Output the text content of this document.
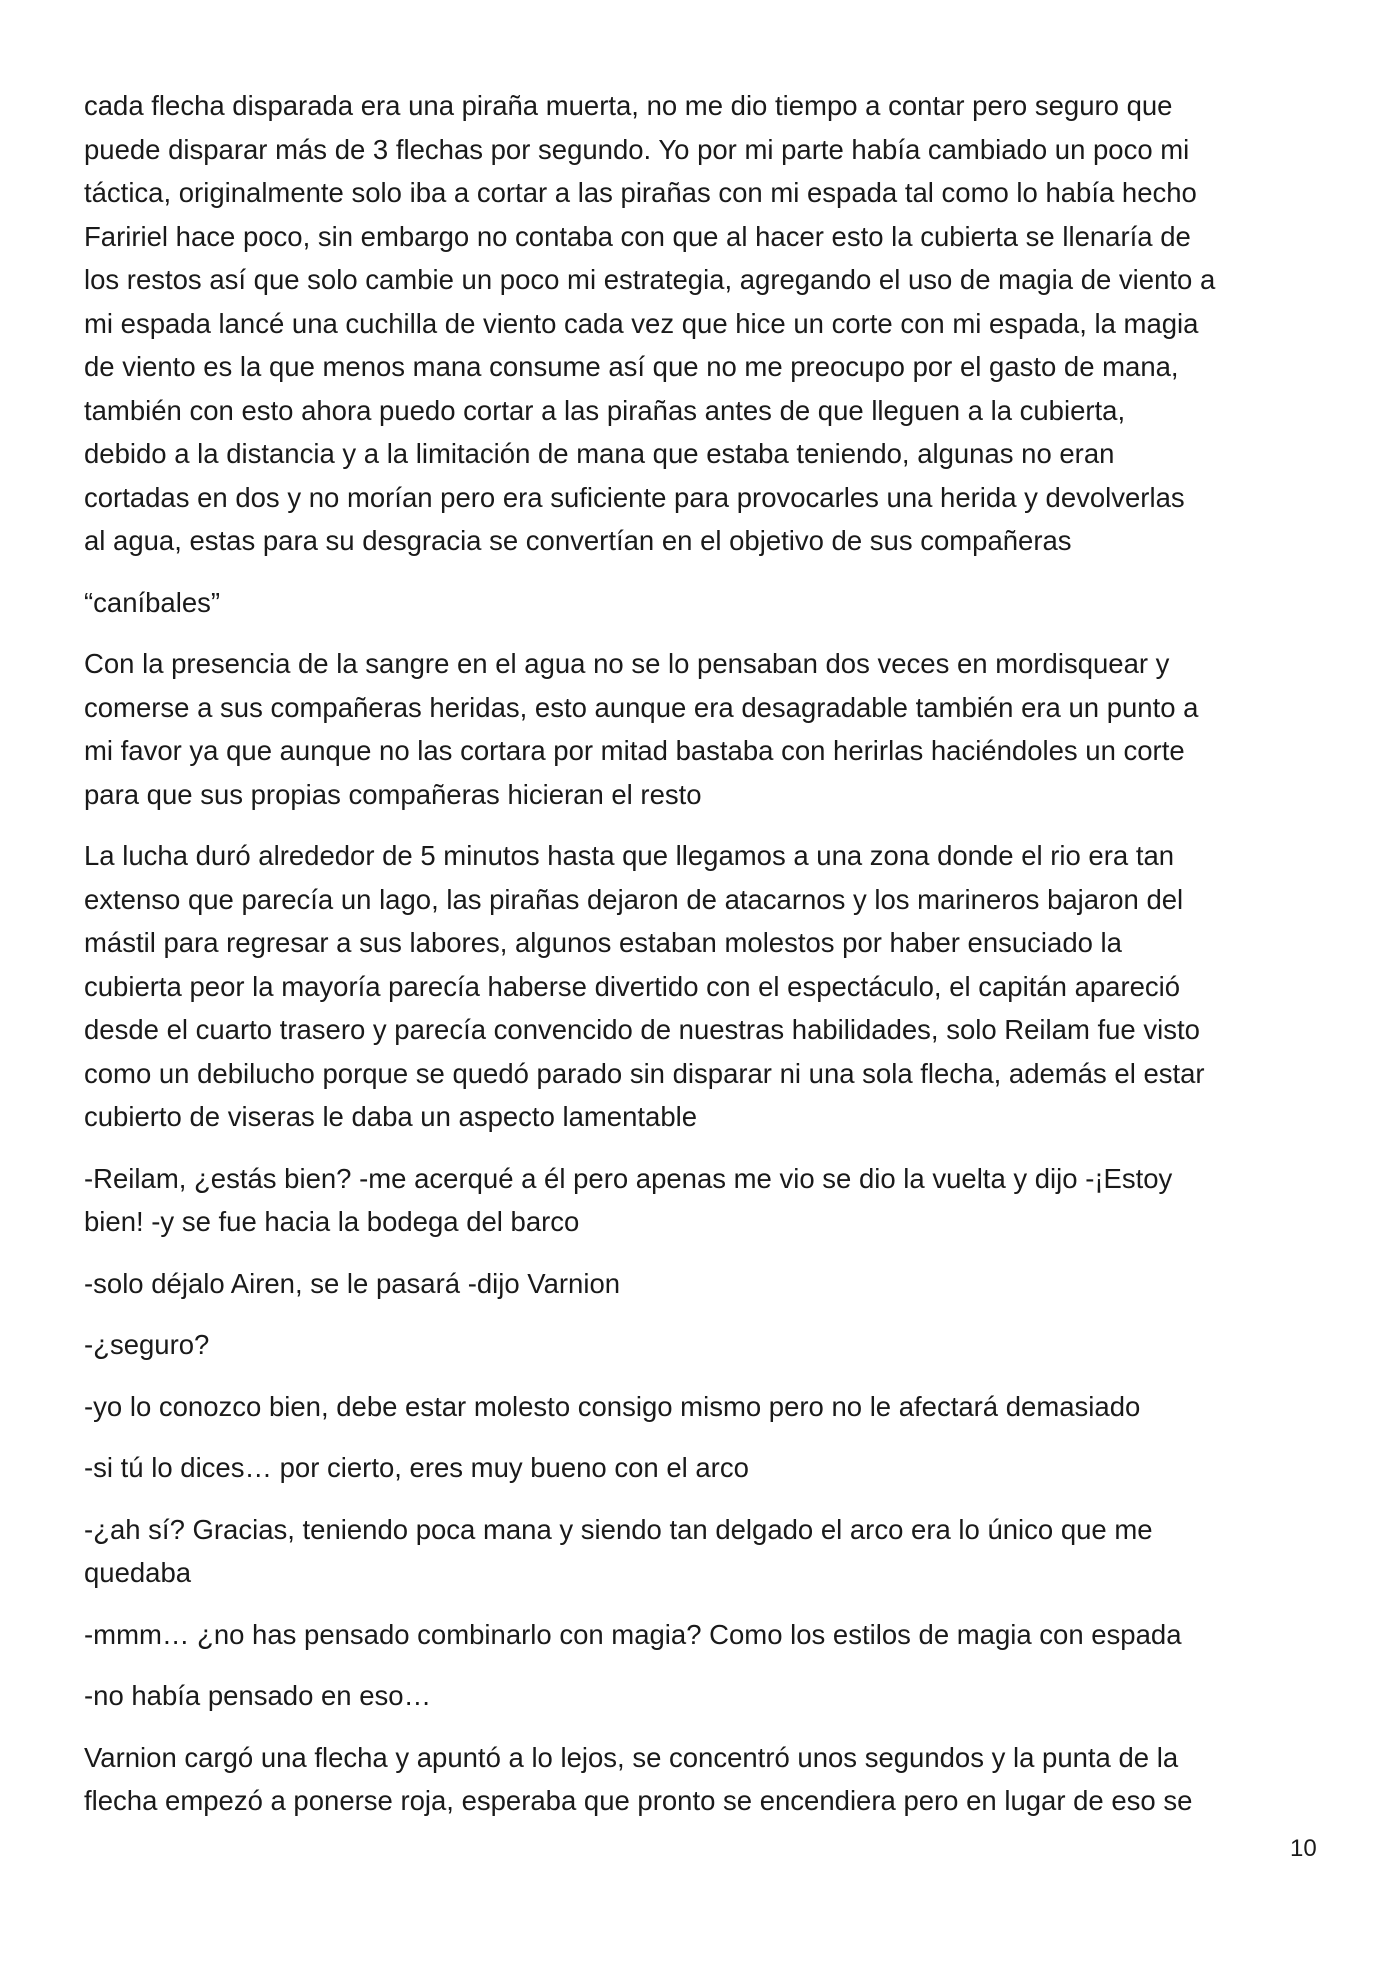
cada flecha disparada era una piraña muerta, no me dio tiempo a contar pero seguro que
puede disparar más de 3 flechas por segundo. Yo por mi parte había cambiado un poco mi
táctica, originalmente solo iba a cortar a las pirañas con mi espada tal como lo había hecho
Faririel hace poco, sin embargo no contaba con que al hacer esto la cubierta se llenaría de
los restos así que solo cambie un poco mi estrategia, agregando el uso de magia de viento a
mi espada lancé una cuchilla de viento cada vez que hice un corte con mi espada, la magia
de viento es la que menos mana consume así que no me preocupo por el gasto de mana,
también con esto ahora puedo cortar a las pirañas antes de que lleguen a la cubierta,
debido a la distancia y a la limitación de mana que estaba teniendo, algunas no eran
cortadas en dos y no morían pero era suficiente para provocarles una herida y devolverlas
al agua, estas para su desgracia se convertían en el objetivo de sus compañeras

“caníbales”

Con la presencia de la sangre en el agua no se lo pensaban dos veces en mordisquear y
comerse a sus compañeras heridas, esto aunque era desagradable también era un punto a
mi favor ya que aunque no las cortara por mitad bastaba con herirlas haciéndoles un corte
para que sus propias compañeras hicieran el resto

La lucha duró alrededor de 5 minutos hasta que llegamos a una zona donde el rio era tan
extenso que parecía un lago, las pirañas dejaron de atacarnos y los marineros bajaron del
mástil para regresar a sus labores, algunos estaban molestos por haber ensuciado la
cubierta peor la mayoría parecía haberse divertido con el espectáculo, el capitán apareció
desde el cuarto trasero y parecía convencido de nuestras habilidades, solo Reilam fue visto
como un debilucho porque se quedó parado sin disparar ni una sola flecha, además el estar
cubierto de viseras le daba un aspecto lamentable

-Reilam, ¿estás bien? -me acerqué a él pero apenas me vio se dio la vuelta y dijo -¡Estoy
bien! -y se fue hacia la bodega del barco

-solo déjalo Airen, se le pasará -dijo Varnion

-¿seguro?

-yo lo conozco bien, debe estar molesto consigo mismo pero no le afectará demasiado

-si tú lo dices… por cierto, eres muy bueno con el arco

-¿ah sí? Gracias, teniendo poca mana y siendo tan delgado el arco era lo único que me
quedaba

-mmm… ¿no has pensado combinarlo con magia? Como los estilos de magia con espada

-no había pensado en eso…

Varnion cargó una flecha y apuntó a lo lejos, se concentró unos segundos y la punta de la
flecha empezó a ponerse roja, esperaba que pronto se encendiera pero en lugar de eso se

10
